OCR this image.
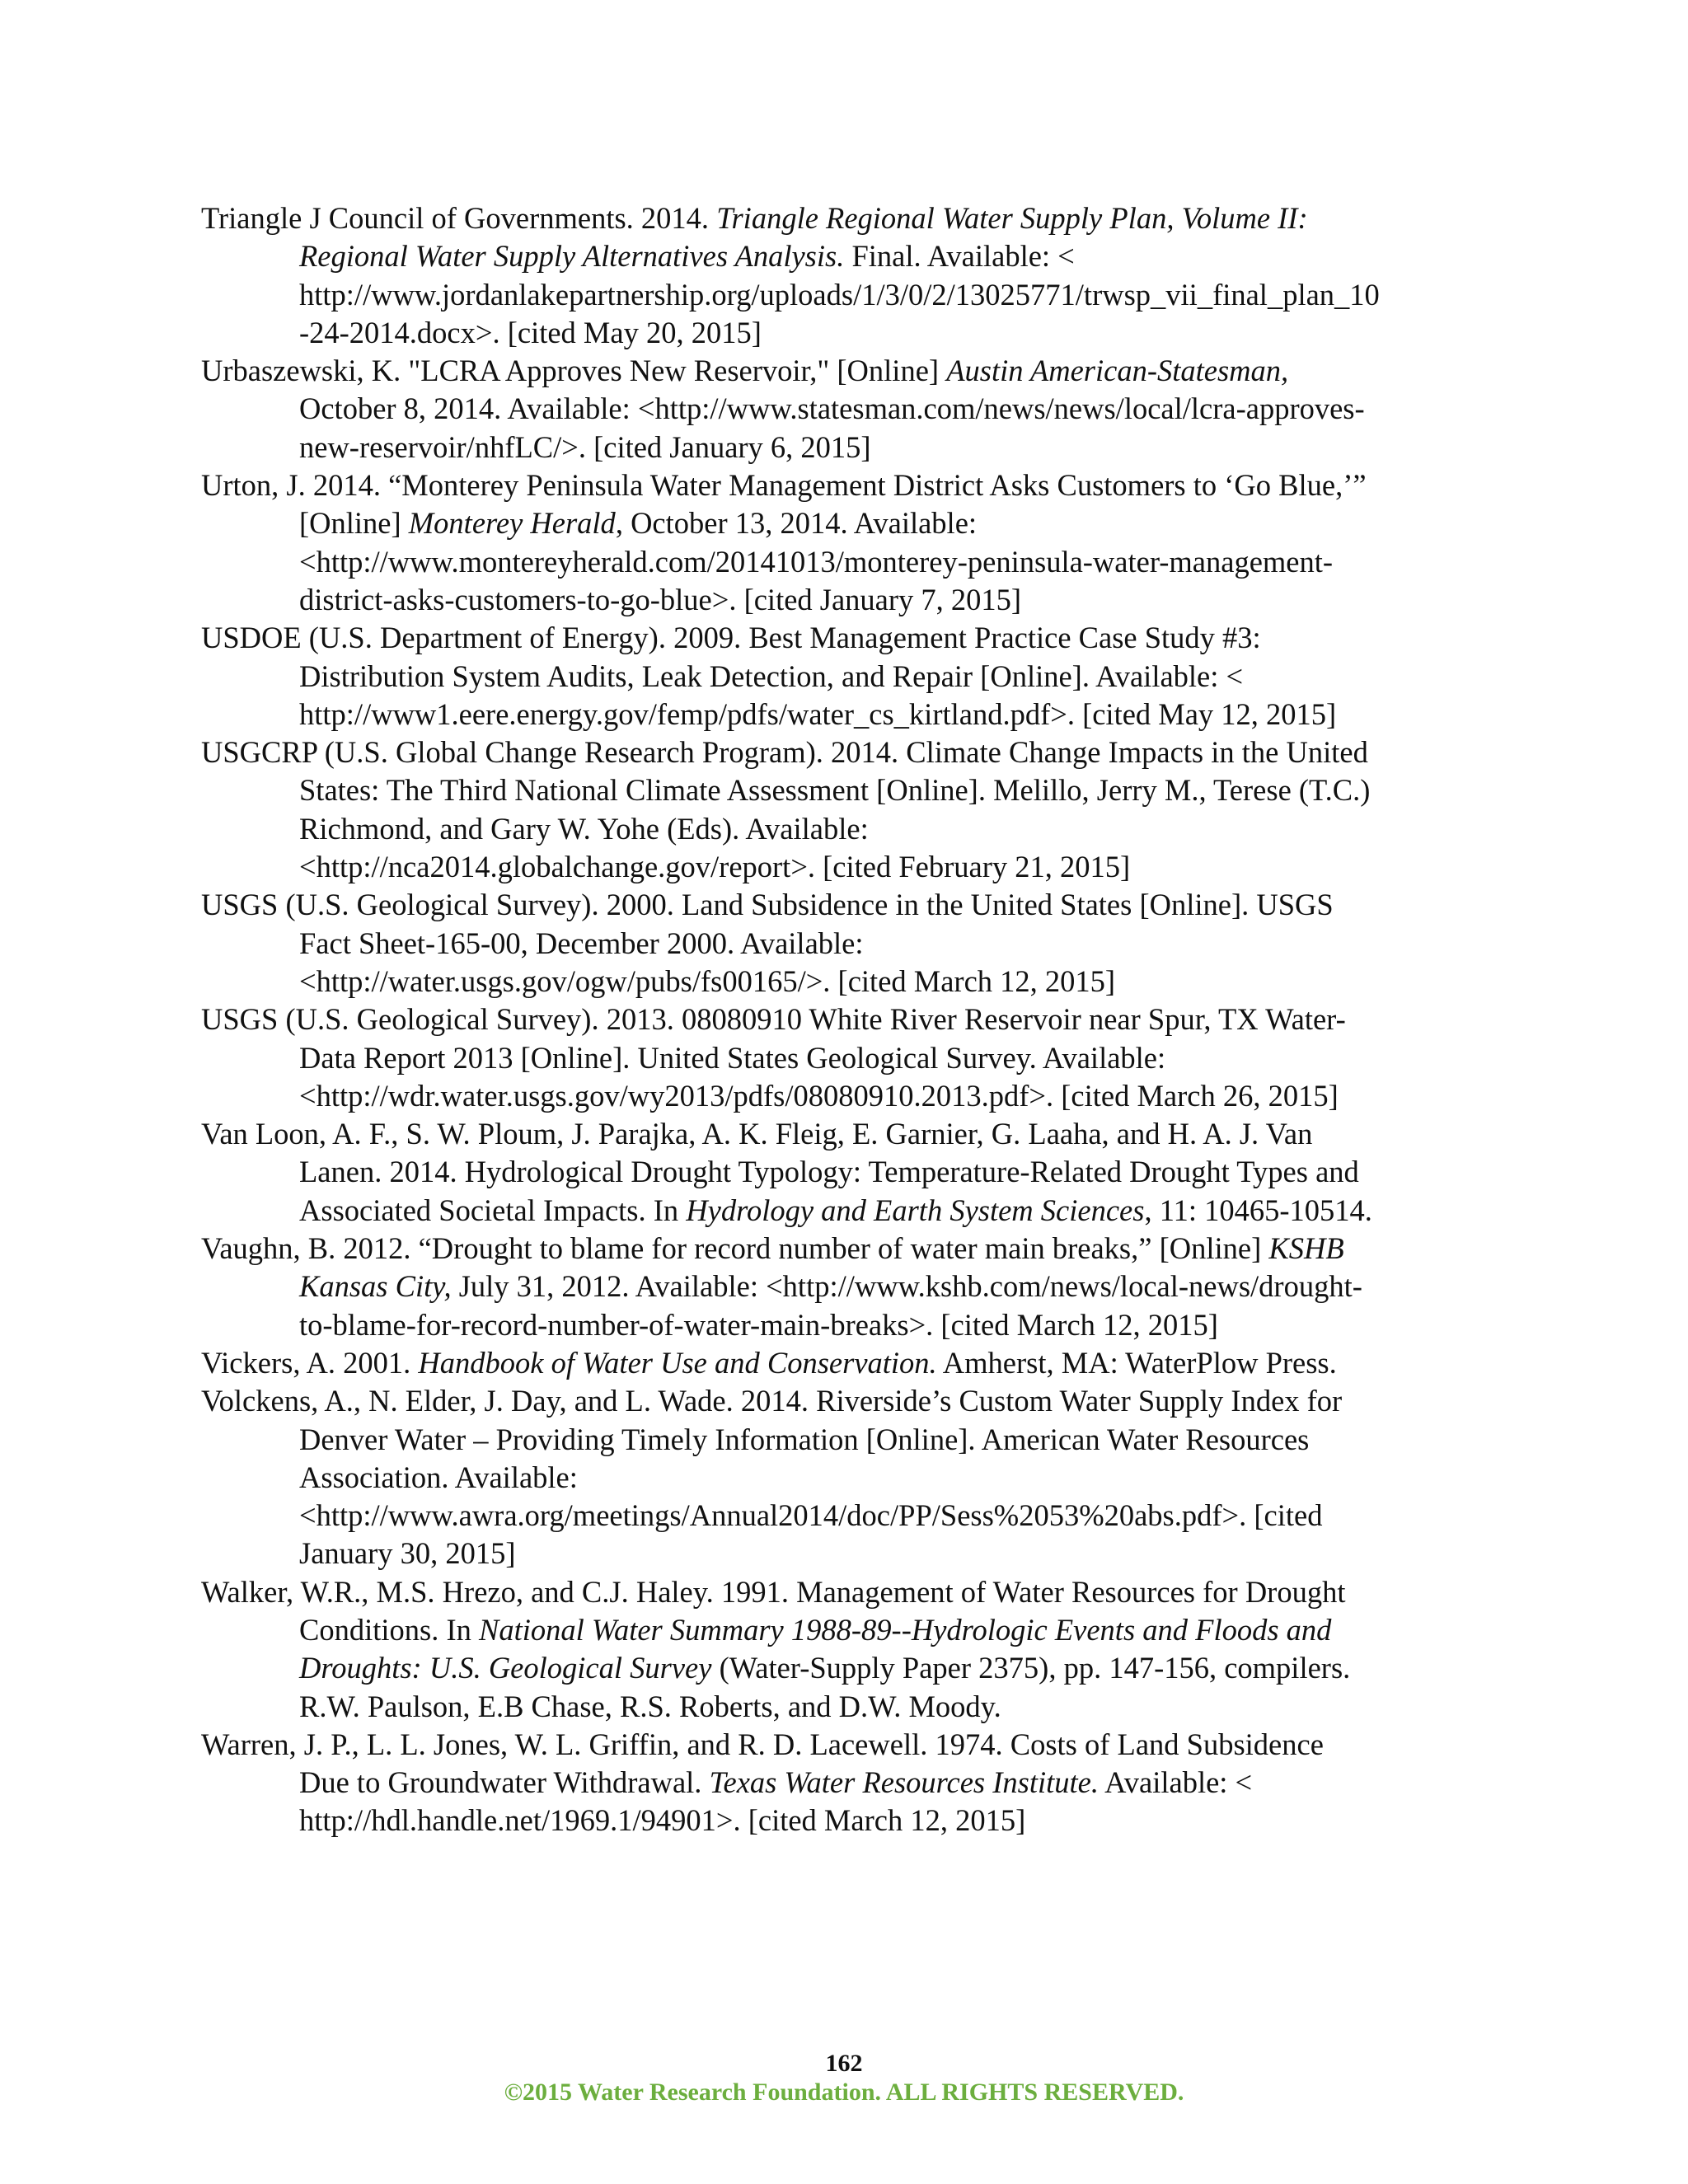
Triangle J Council of Governments. 2014. Triangle Regional Water Supply Plan, Volume II:
Regional Water Supply Alternatives Analysis. Final. Available: <
http://www.jordanlakepartnership.org/uploads/1/3/0/2/13025771/trwsp_vii_final_plan_10
-24-2014.docx>. [cited May 20, 2015]
Urbaszewski, K. "LCRA Approves New Reservoir," [Online] Austin American-Statesman,
October 8, 2014. Available: <http://www.statesman.com/news/news/local/lcra-approves-
new-reservoir/nhfLC/>. [cited January 6, 2015]
Urton, J. 2014. “Monterey Peninsula Water Management District Asks Customers to ‘Go Blue,’”
[Online] Monterey Herald, October 13, 2014. Available:
<http://www.montereyherald.com/20141013/monterey-peninsula-water-management-
district-asks-customers-to-go-blue>. [cited January 7, 2015]
USDOE (U.S. Department of Energy). 2009. Best Management Practice Case Study #3:
Distribution System Audits, Leak Detection, and Repair [Online]. Available: <
http://www1.eere.energy.gov/femp/pdfs/water_cs_kirtland.pdf>. [cited May 12, 2015]
USGCRP (U.S. Global Change Research Program). 2014. Climate Change Impacts in the United
States: The Third National Climate Assessment [Online]. Melillo, Jerry M., Terese (T.C.)
Richmond, and Gary W. Yohe (Eds). Available:
<http://nca2014.globalchange.gov/report>. [cited February 21, 2015]
USGS (U.S. Geological Survey). 2000. Land Subsidence in the United States [Online]. USGS
Fact Sheet-165-00, December 2000. Available:
<http://water.usgs.gov/ogw/pubs/fs00165/>. [cited March 12, 2015]
USGS (U.S. Geological Survey). 2013. 08080910 White River Reservoir near Spur, TX Water-
Data Report 2013 [Online]. United States Geological Survey. Available:
<http://wdr.water.usgs.gov/wy2013/pdfs/08080910.2013.pdf>. [cited March 26, 2015]
Van Loon, A. F., S. W. Ploum, J. Parajka, A. K. Fleig, E. Garnier, G. Laaha, and H. A. J. Van
Lanen. 2014. Hydrological Drought Typology: Temperature-Related Drought Types and
Associated Societal Impacts. In Hydrology and Earth System Sciences, 11: 10465-10514.
Vaughn, B. 2012. “Drought to blame for record number of water main breaks,” [Online] KSHB
Kansas City, July 31, 2012. Available: <http://www.kshb.com/news/local-news/drought-
to-blame-for-record-number-of-water-main-breaks>. [cited March 12, 2015]
Vickers, A. 2001. Handbook of Water Use and Conservation. Amherst, MA: WaterPlow Press.
Volckens, A., N. Elder, J. Day, and L. Wade. 2014. Riverside’s Custom Water Supply Index for
Denver Water – Providing Timely Information [Online]. American Water Resources
Association. Available:
<http://www.awra.org/meetings/Annual2014/doc/PP/Sess%2053%20abs.pdf>. [cited
January 30, 2015]
Walker, W.R., M.S. Hrezo, and C.J. Haley. 1991. Management of Water Resources for Drought
Conditions. In National Water Summary 1988-89--Hydrologic Events and Floods and
Droughts: U.S. Geological Survey (Water-Supply Paper 2375), pp. 147-156, compilers.
R.W. Paulson, E.B Chase, R.S. Roberts, and D.W. Moody.
Warren, J. P., L. L. Jones, W. L. Griffin, and R. D. Lacewell. 1974. Costs of Land Subsidence
Due to Groundwater Withdrawal. Texas Water Resources Institute. Available: <
http://hdl.handle.net/1969.1/94901>. [cited March 12, 2015]
162
©2015 Water Research Foundation. ALL RIGHTS RESERVED.
